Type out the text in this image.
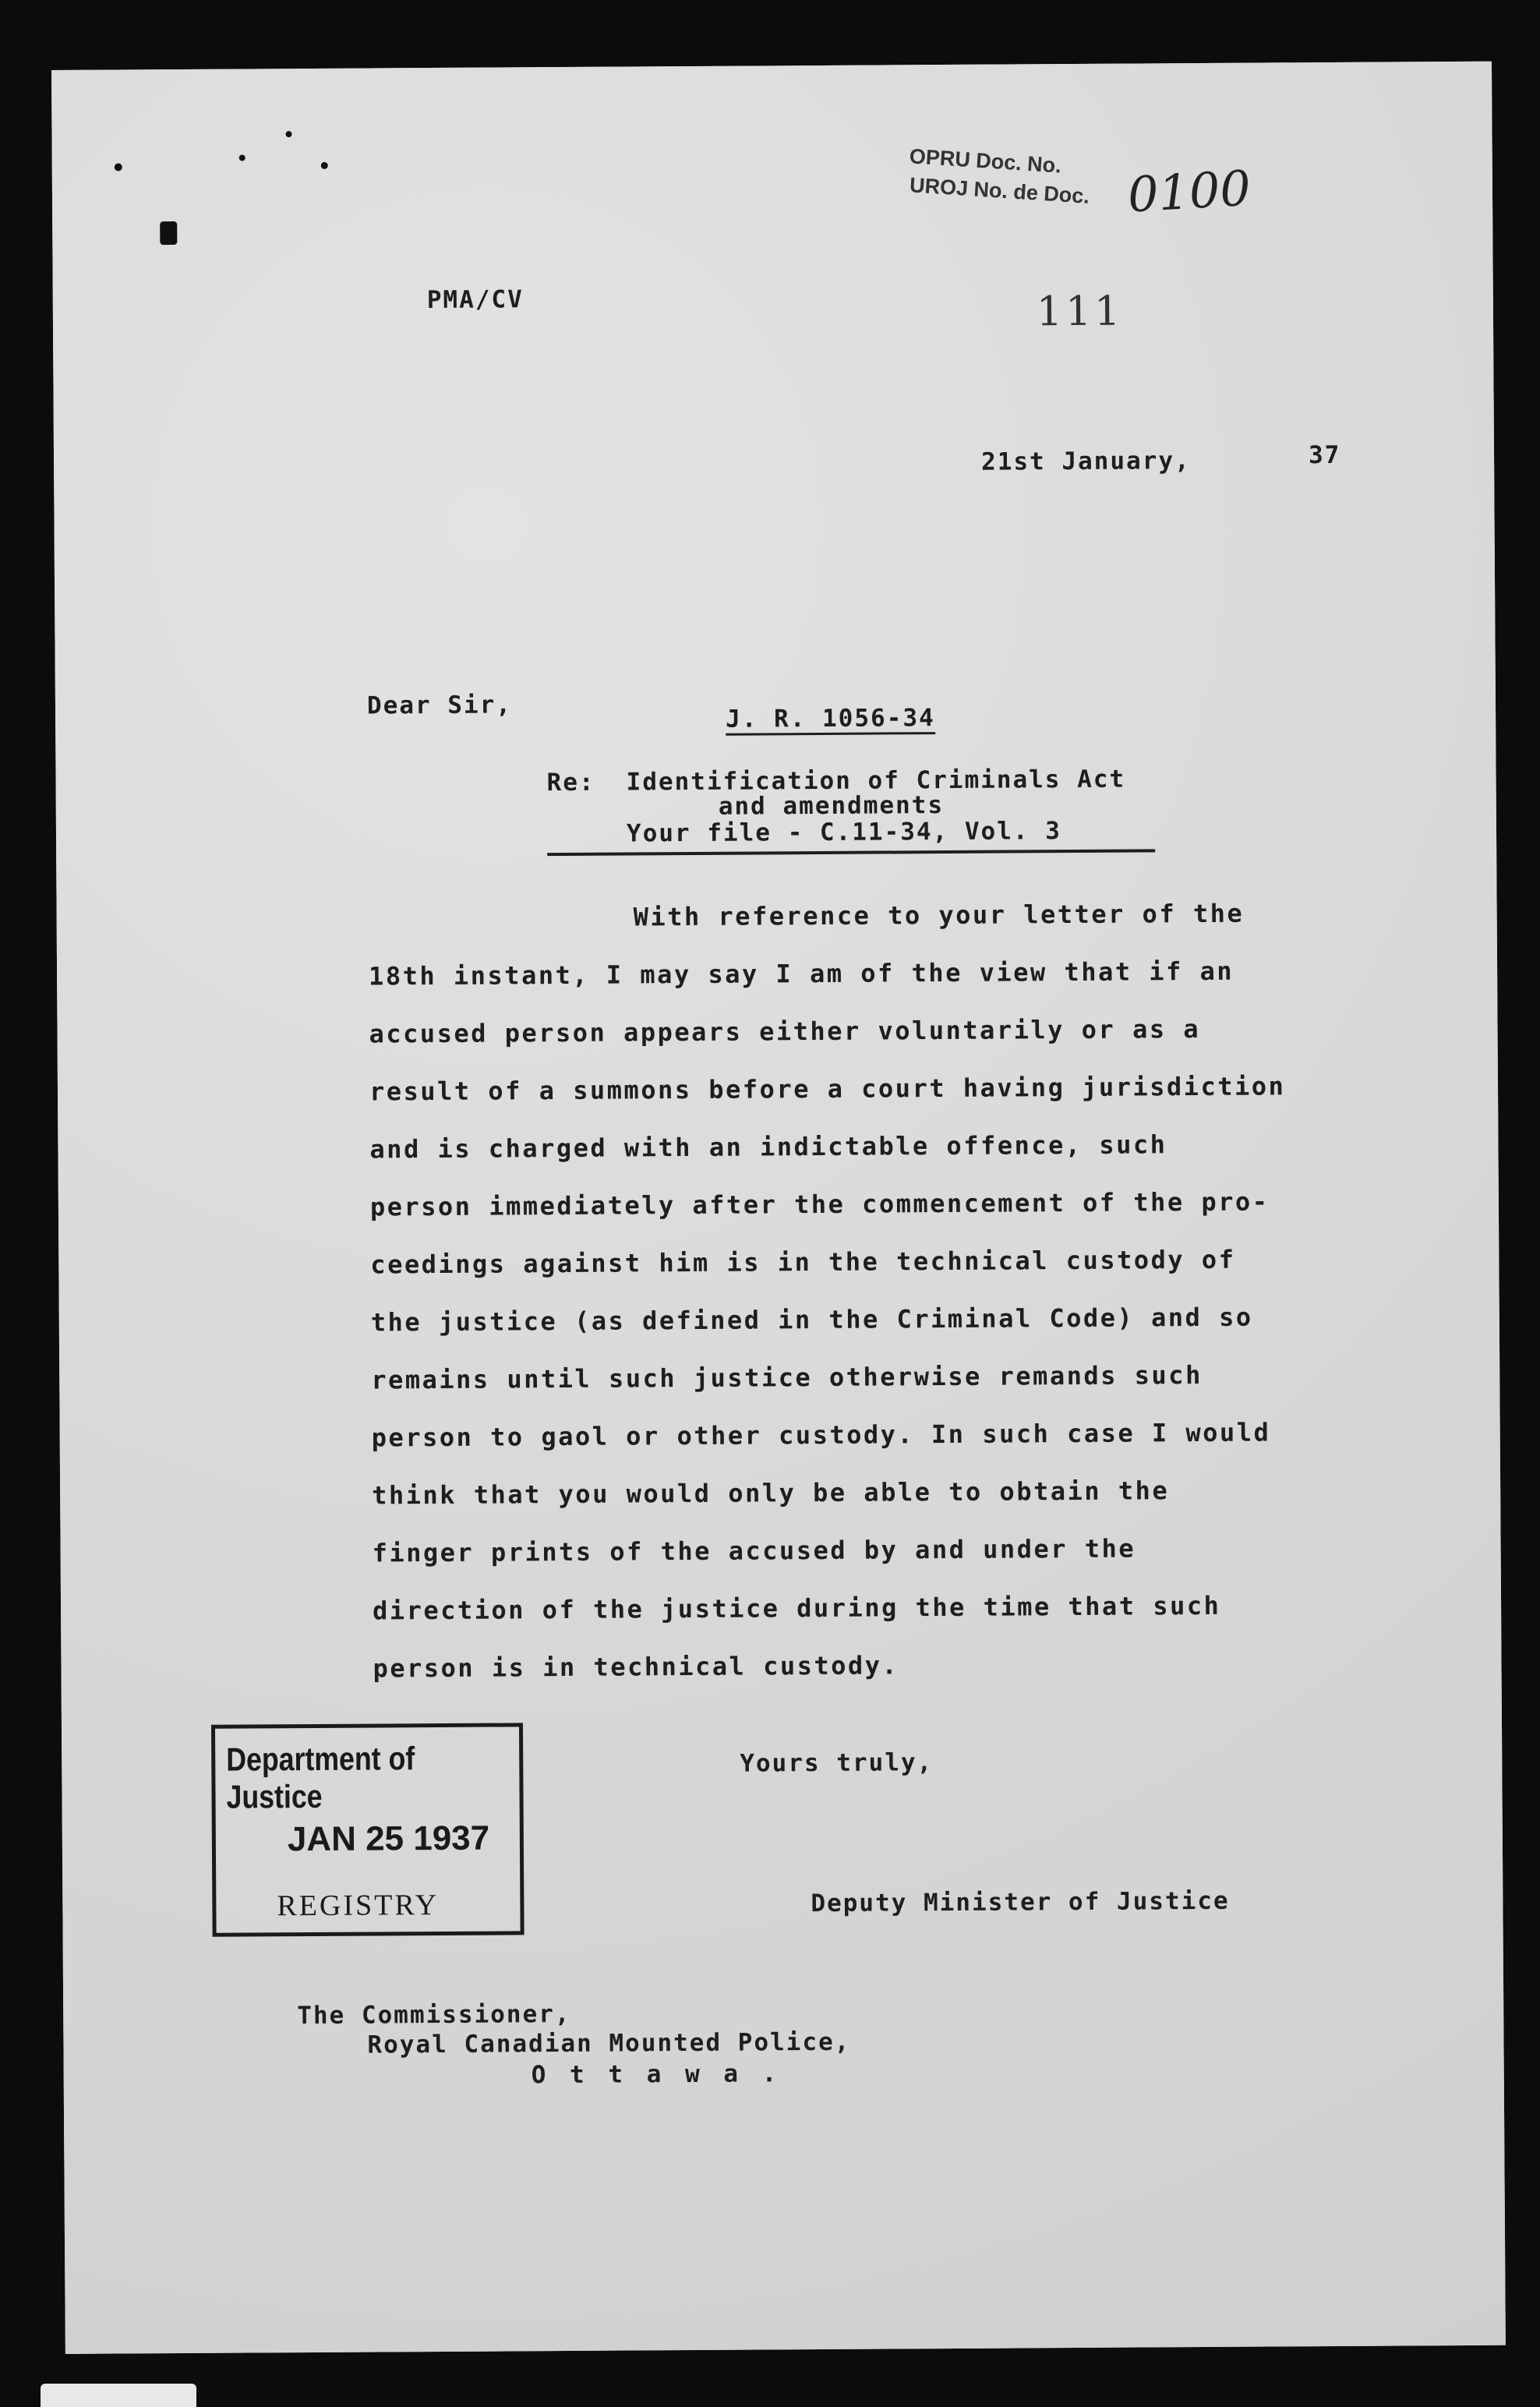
OPRU Doc. No.
UROJ No. de Doc. 0100
PMA/CV	111
21st January,	37
Dear Sir,	J. R. 1056-34
Re: Identification of Criminals Act
and amendments
Your file - C.11-34, Vol. 3
With reference to your letter of the
18th instant, I may say I am of the view that if an
accused person appears either voluntarily or as a
result of a summons before a court having jurisdiction
and is charged with an indictable offence, such
person immediately after the commencement of the pro-
ceedings against him is in the technical custody of
the justice (as defined in the Criminal Code) and so
remains until such justice otherwise remands such
person to gaol or other custody. In such case I would
think that you would only be able to obtain the
finger prints of the accused by and under the
direction of the justice during the time that such
person is in technical custody.
Yours truly,
Department of Justice
JAN 25 1937
REGISTRY	Deputy Minister of Justice
The Commissioner,
Royal Canadian Mounted Police,
O t t a w a .
